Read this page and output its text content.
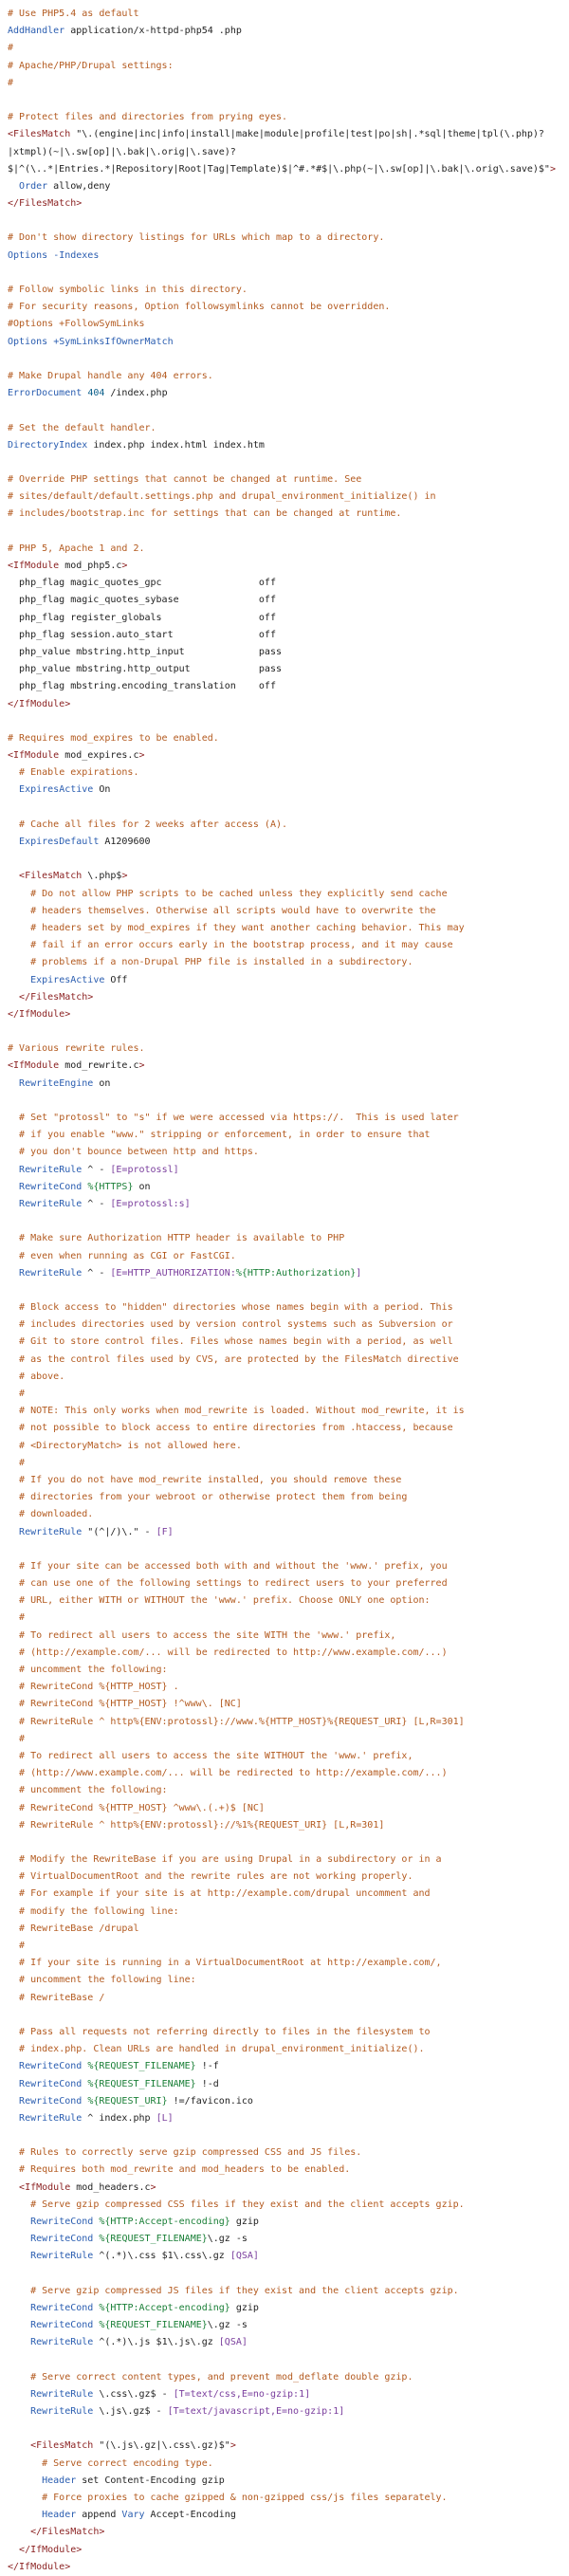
# Use PHP5.4 as default
AddHandler application/x-httpd-php54 .php
#
# Apache/PHP/Drupal settings:
#
# Protect files and directories from prying eyes.
<FilesMatch "\.(engine|inc|info|install|make|module|profile|test|po|sh|.*sql|theme|tpl(\.php)?
|xtmpl)(~|\.sw[op]|\.bak|\.orig|\.save)?
$|^(\..*|Entries.*|Repository|Root|Tag|Template)$|^#.*#$|\.php(~|\.sw[op]|\.bak|\.orig\.save)$">
Order allow,deny
</FilesMatch>
# Don't show directory listings for URLs which map to a directory.
Options -Indexes
# Follow symbolic links in this directory.
# For security reasons, Option followsymlinks cannot be overridden.
#Options +FollowSymLinks
Options +SymLinksIfOwnerMatch
# Make Drupal handle any 404 errors.
ErrorDocument 404 /index.php
# Set the default handler.
DirectoryIndex index.php index.html index.htm
# Override PHP settings that cannot be changed at runtime. See
# sites/default/default.settings.php and drupal_environment_initialize() in
# includes/bootstrap.inc for settings that can be changed at runtime.
# PHP 5, Apache 1 and 2.
<IfModule mod_php5.c>
php_flag magic_quotes_gpc                 off
php_flag magic_quotes_sybase              off
php_flag register_globals                 off
php_flag session.auto_start               off
php_value mbstring.http_input             pass
php_value mbstring.http_output            pass
php_flag mbstring.encoding_translation    off
</IfModule>
# Requires mod_expires to be enabled.
<IfModule mod_expires.c>
# Enable expirations.
ExpiresActive On
# Cache all files for 2 weeks after access (A).
ExpiresDefault A1209600
<FilesMatch \.php$>
# Do not allow PHP scripts to be cached unless they explicitly send cache
# headers themselves. Otherwise all scripts would have to overwrite the
# headers set by mod_expires if they want another caching behavior. This may
# fail if an error occurs early in the bootstrap process, and it may cause
# problems if a non-Drupal PHP file is installed in a subdirectory.
ExpiresActive Off
</FilesMatch>
</IfModule>
# Various rewrite rules.
<IfModule mod_rewrite.c>
RewriteEngine on
# Set "protossl" to "s" if we were accessed via https://.  This is used later
# if you enable "www." stripping or enforcement, in order to ensure that
# you don't bounce between http and https.
RewriteRule ^ - [E=protossl]
RewriteCond %{HTTPS} on
RewriteRule ^ - [E=protossl:s]
# Make sure Authorization HTTP header is available to PHP
# even when running as CGI or FastCGI.
RewriteRule ^ - [E=HTTP_AUTHORIZATION:%{HTTP:Authorization}]
# Block access to "hidden" directories whose names begin with a period. This
# includes directories used by version control systems such as Subversion or
# Git to store control files. Files whose names begin with a period, as well
# as the control files used by CVS, are protected by the FilesMatch directive
# above.
#
# NOTE: This only works when mod_rewrite is loaded. Without mod_rewrite, it is
# not possible to block access to entire directories from .htaccess, because
# <DirectoryMatch> is not allowed here.
#
# If you do not have mod_rewrite installed, you should remove these
# directories from your webroot or otherwise protect them from being
# downloaded.
RewriteRule "(^|/)\." - [F]
# If your site can be accessed both with and without the 'www.' prefix, you
# can use one of the following settings to redirect users to your preferred
# URL, either WITH or WITHOUT the 'www.' prefix. Choose ONLY one option:
#
# To redirect all users to access the site WITH the 'www.' prefix,
# (http://example.com/... will be redirected to http://www.example.com/...)
# uncomment the following:
# RewriteCond %{HTTP_HOST} .
# RewriteCond %{HTTP_HOST} !^www\. [NC]
# RewriteRule ^ http%{ENV:protossl}://www.%{HTTP_HOST}%{REQUEST_URI} [L,R=301]
#
# To redirect all users to access the site WITHOUT the 'www.' prefix,
# (http://www.example.com/... will be redirected to http://example.com/...)
# uncomment the following:
# RewriteCond %{HTTP_HOST} ^www\.(.+)$ [NC]
# RewriteRule ^ http%{ENV:protossl}://%1%{REQUEST_URI} [L,R=301]
# Modify the RewriteBase if you are using Drupal in a subdirectory or in a
# VirtualDocumentRoot and the rewrite rules are not working properly.
# For example if your site is at http://example.com/drupal uncomment and
# modify the following line:
# RewriteBase /drupal
#
# If your site is running in a VirtualDocumentRoot at http://example.com/,
# uncomment the following line:
# RewriteBase /
# Pass all requests not referring directly to files in the filesystem to
# index.php. Clean URLs are handled in drupal_environment_initialize().
RewriteCond %{REQUEST_FILENAME} !-f
RewriteCond %{REQUEST_FILENAME} !-d
RewriteCond %{REQUEST_URI} !=/favicon.ico
RewriteRule ^ index.php [L]
# Rules to correctly serve gzip compressed CSS and JS files.
# Requires both mod_rewrite and mod_headers to be enabled.
<IfModule mod_headers.c>
# Serve gzip compressed CSS files if they exist and the client accepts gzip.
RewriteCond %{HTTP:Accept-encoding} gzip
RewriteCond %{REQUEST_FILENAME}\.gz -s
RewriteRule ^(.*)\.css $1\.css\.gz [QSA]
# Serve gzip compressed JS files if they exist and the client accepts gzip.
RewriteCond %{HTTP:Accept-encoding} gzip
RewriteCond %{REQUEST_FILENAME}\.gz -s
RewriteRule ^(.*)\.js $1\.js\.gz [QSA]
# Serve correct content types, and prevent mod_deflate double gzip.
RewriteRule \.css\.gz$ - [T=text/css,E=no-gzip:1]
RewriteRule \.js\.gz$ - [T=text/javascript,E=no-gzip:1]
<FilesMatch "(\.js\.gz|\.css\.gz)$">
# Serve correct encoding type.
Header set Content-Encoding gzip
# Force proxies to cache gzipped & non-gzipped css/js files separately.
Header append Vary Accept-Encoding
</FilesMatch>
</IfModule>
</IfModule>
